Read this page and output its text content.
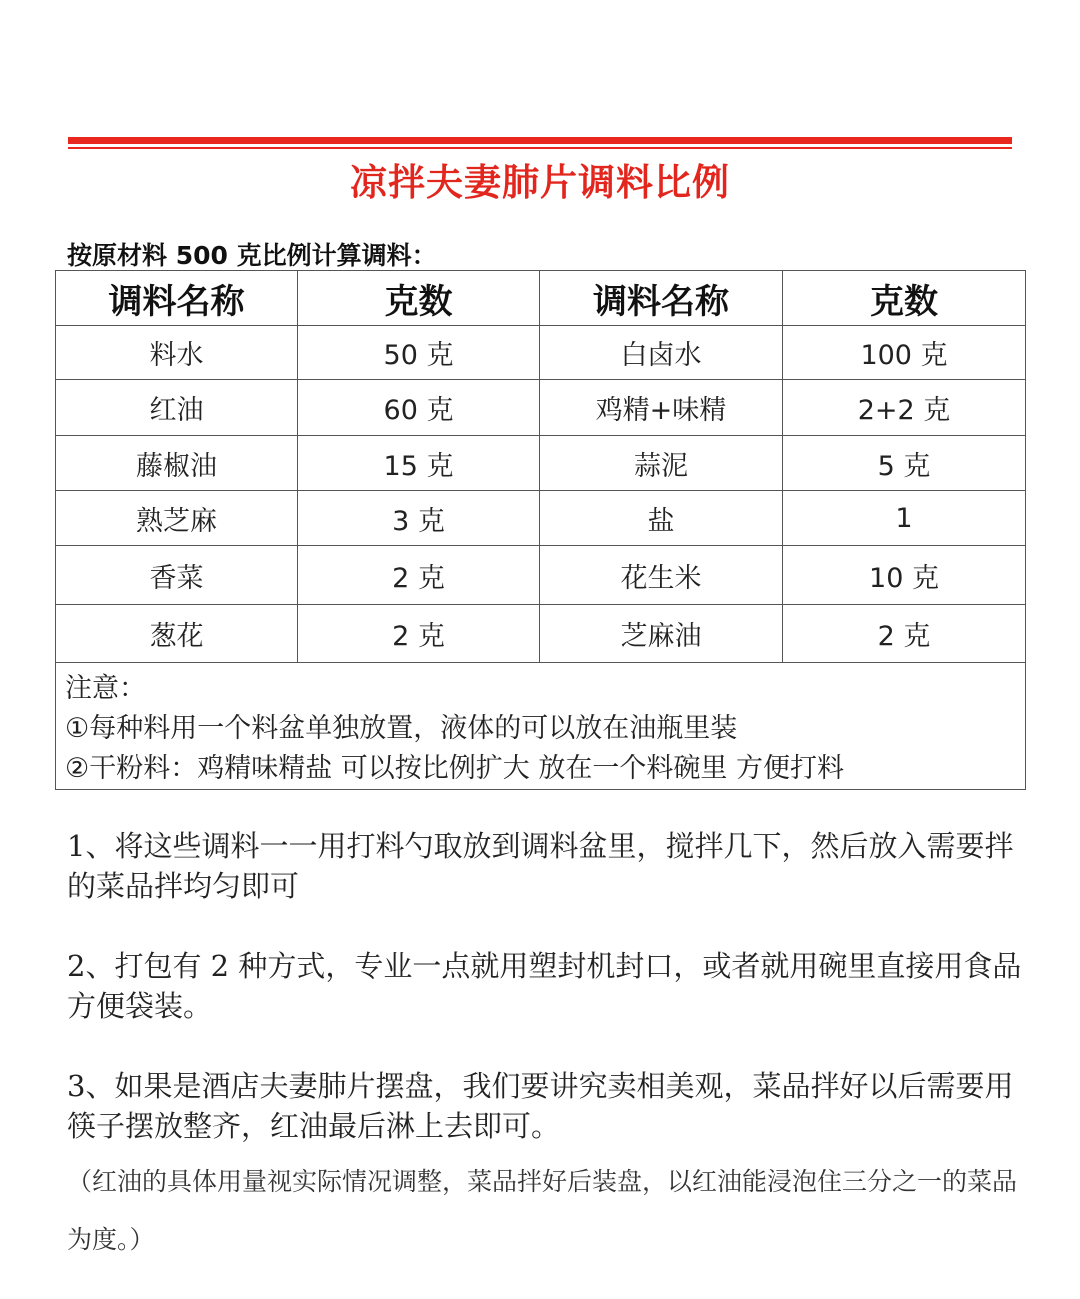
凉拌夫妻肺片调料比例
按原材料 500 克比例计算调料：
调料名称	克数	调料名称	克数
料水	50 克	白卤水	100 克
红油	60 克	鸡精+味精	2+2 克
藤椒油	15 克	蒜泥	5 克
熟芝麻	3 克	盐	1
香菜	2 克	花生米	10 克
葱花	2 克	芝麻油	2 克

注意：
①每种料用一个料盆单独放置，液体的可以放在油瓶里装
②干粉料：鸡精味精盐 可以按比例扩大 放在一个料碗里 方便打料			
1、将这些调料一一用打料勺取放到调料盆里，搅拌几下，然后放入需要拌的菜品拌均匀即可
2、打包有 2 种方式，专业一点就用塑封机封口，或者就用碗里直接用食品方便袋装。
3、如果是酒店夫妻肺片摆盘，我们要讲究卖相美观，菜品拌好以后需要用筷子摆放整齐，红油最后淋上去即可。
（红油的具体用量视实际情况调整，菜品拌好后装盘，以红油能浸泡住三分之一的菜品为度。）
